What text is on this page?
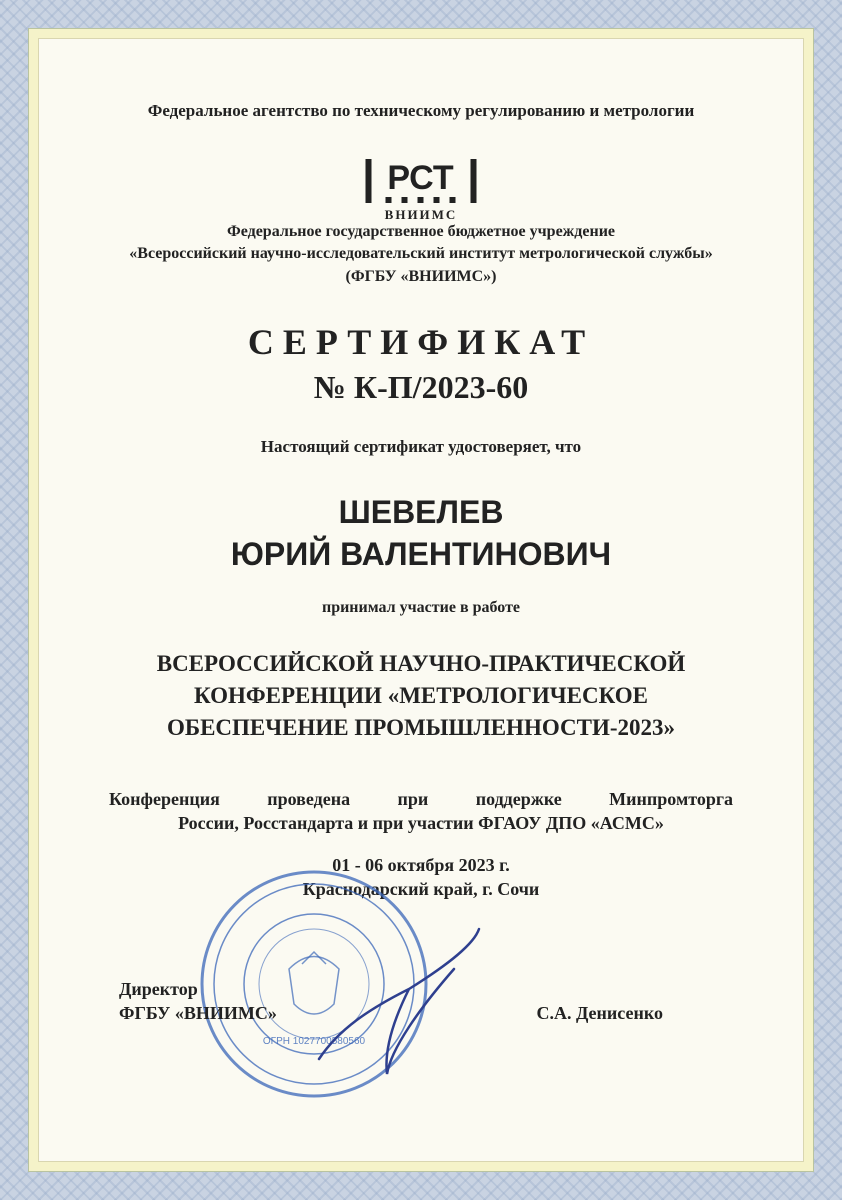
Федеральное агентство по техническому регулированию и метрологии
РСТ
ВНИИМС
Федеральное государственное бюджетное учреждение
«Всероссийский научно-исследовательский институт метрологической службы»
(ФГБУ «ВНИИМС»)
СЕРТИФИКАТ
№ К-П/2023-60
Настоящий сертификат удостоверяет, что
ШЕВЕЛЕВ
ЮРИЙ ВАЛЕНТИНОВИЧ
принимал участие в работе
ВСЕРОССИЙСКОЙ НАУЧНО-ПРАКТИЧЕСКОЙ
КОНФЕРЕНЦИИ «МЕТРОЛОГИЧЕСКОЕ
ОБЕСПЕЧЕНИЕ ПРОМЫШЛЕННОСТИ-2023»
Конференция проведена при поддержке Минпромторга
России, Росстандарта и при участии ФГАОУ ДПО «АСМС»
01 - 06 октября 2023 г.
Краснодарский край, г. Сочи
ОГРН 1027700580560
Директор
ФГБУ «ВНИИМС»	С.А. Денисенко
